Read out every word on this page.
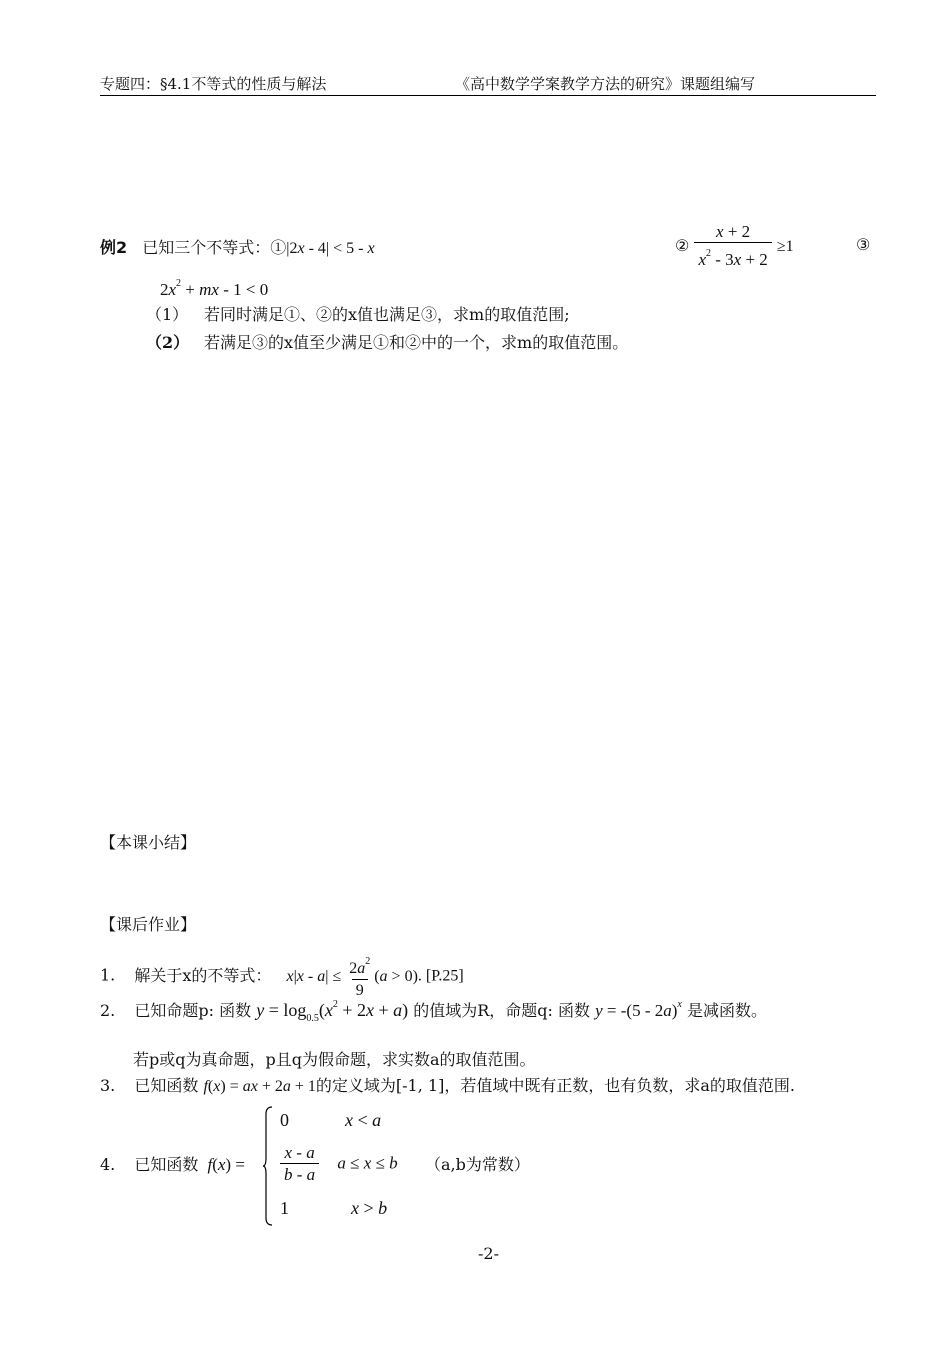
专题四：§4.1不等式的性质与解法	《高中数学学案教学方法的研究》课题组编写
例2 已知三个不等式：①|2x - 4| < 5 - x	② $\frac{x + 2}{x^2 - 3x + 2} \ge 1$	③
$2x^2$ + mx - 1 < 0
（1） 若同时满足①、②的x值也满足③，求m的取值范围;
（2） 若满足③的x值至少满足①和②中的一个，求m的取值范围。
【本课小结】
【课后作业】
1. 解关于x的不等式： $x|x - a| \le \frac{2a^2}{9} (a > 0)$. [P.25]
2. 已知命题p: 函数 $y = \log_{0.5}(x^2 + 2x + a)$ 的值域为R，命题q: 函数 y = -(5 - 2a)$^x$ 是减函数。
若p或q为真命题，p且q为假命题，求实数a的取值范围。
3. 已知函数 f(x) = ax + 2a + 1的定义域为[-1, 1]，若值域中既有正数，也有负数，求a的取值范围.
4. 已知函数 f(x) =
0	x < a
$\frac{x - a}{b - a}$ a ≤ x ≤ b （a,b为常数）
1	x > b
-2-
